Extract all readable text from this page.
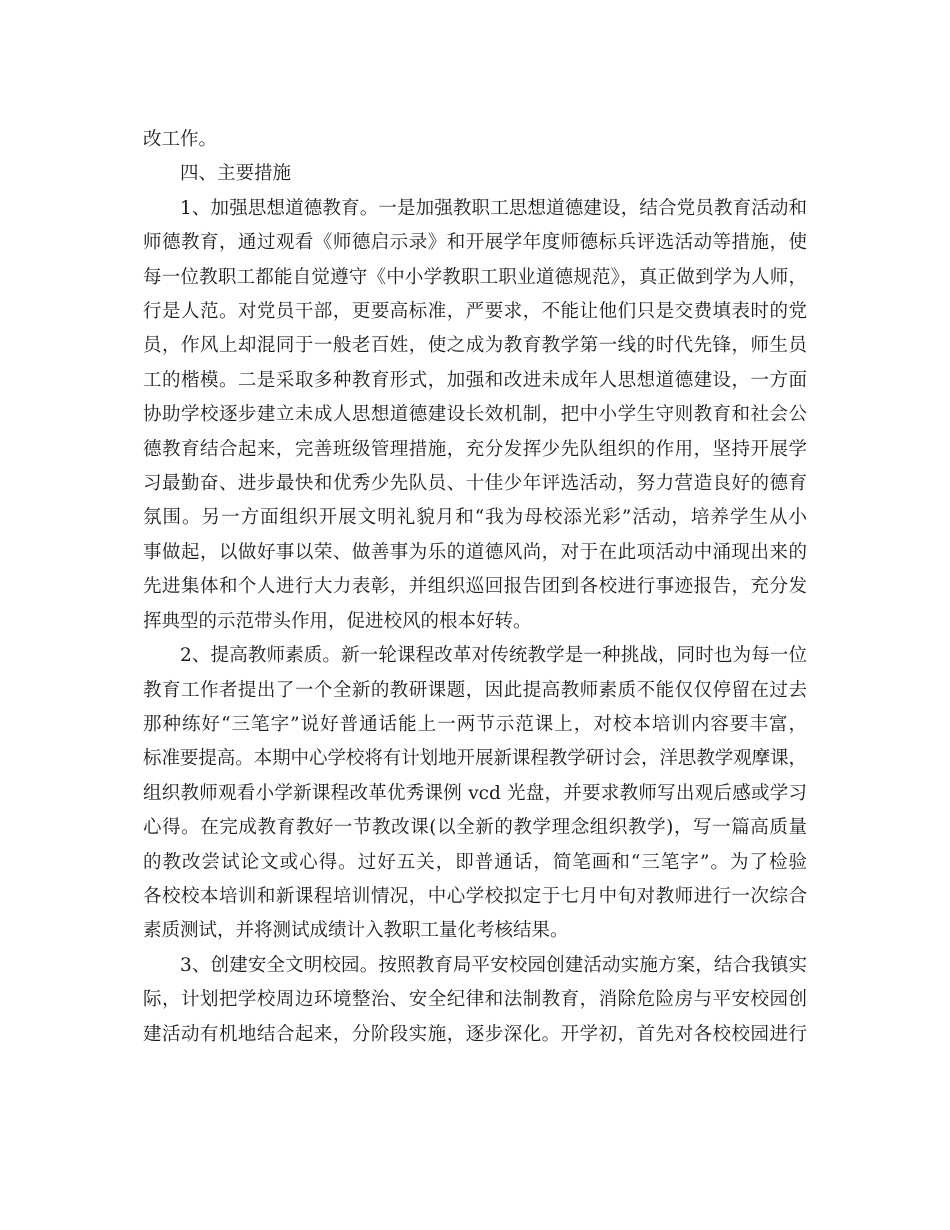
改工作。
四、主要措施
1、加强思想道德教育。一是加强教职工思想道德建设，结合党员教育活动和
师德教育，通过观看《师德启示录》和开展学年度师德标兵评选活动等措施，使
每一位教职工都能自觉遵守《中小学教职工职业道德规范》，真正做到学为人师，
行是人范。对党员干部，更要高标准，严要求，不能让他们只是交费填表时的党
员，作风上却混同于一般老百姓，使之成为教育教学第一线的时代先锋，师生员
工的楷模。二是采取多种教育形式，加强和改进未成年人思想道德建设，一方面
协助学校逐步建立未成人思想道德建设长效机制，把中小学生守则教育和社会公
德教育结合起来，完善班级管理措施，充分发挥少先队组织的作用，坚持开展学
习最勤奋、进步最快和优秀少先队员、十佳少年评选活动，努力营造良好的德育
氛围。另一方面组织开展文明礼貌月和“我为母校添光彩”活动，培养学生从小
事做起，以做好事以荣、做善事为乐的道德风尚，对于在此项活动中涌现出来的
先进集体和个人进行大力表彰，并组织巡回报告团到各校进行事迹报告，充分发
挥典型的示范带头作用，促进校风的根本好转。
2、提高教师素质。新一轮课程改革对传统教学是一种挑战，同时也为每一位
教育工作者提出了一个全新的教研课题，因此提高教师素质不能仅仅停留在过去
那种练好“三笔字”说好普通话能上一两节示范课上，对校本培训内容要丰富，
标准要提高。本期中心学校将有计划地开展新课程教学研讨会，洋思教学观摩课，
组织教师观看小学新课程改革优秀课例 vcd 光盘，并要求教师写出观后感或学习
心得。在完成教育教好一节教改课(以全新的教学理念组织教学)，写一篇高质量
的教改尝试论文或心得。过好五关，即普通话，简笔画和“三笔字”。为了检验
各校校本培训和新课程培训情况，中心学校拟定于七月中旬对教师进行一次综合
素质测试，并将测试成绩计入教职工量化考核结果。
3、创建安全文明校园。按照教育局平安校园创建活动实施方案，结合我镇实
际，计划把学校周边环境整治、安全纪律和法制教育，消除危险房与平安校园创
建活动有机地结合起来，分阶段实施，逐步深化。开学初，首先对各校校园进行
